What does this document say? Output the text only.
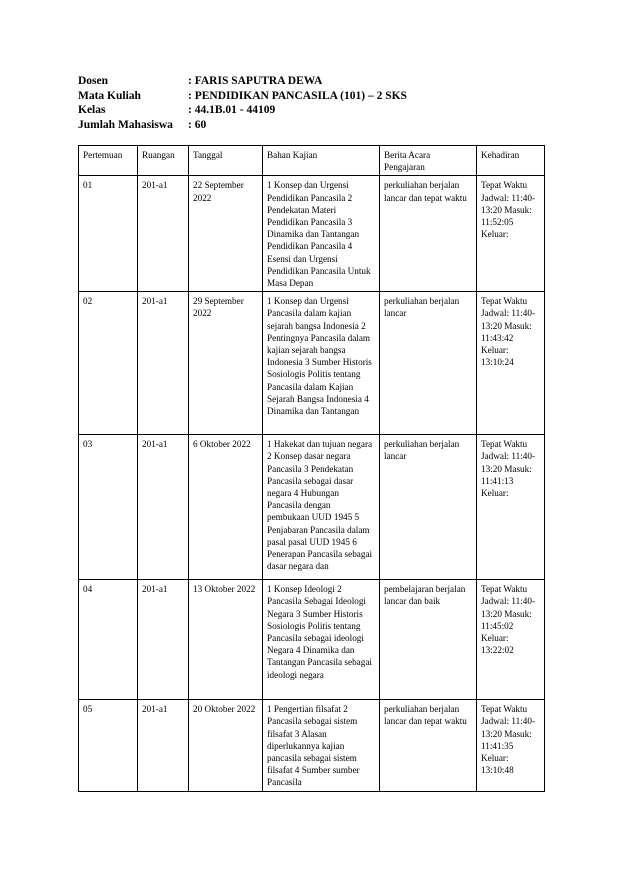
Dosen	: FARIS SAPUTRA DEWA
Mata Kuliah	: PENDIDIKAN PANCASILA (101) – 2 SKS
Kelas	: 44.1B.01 - 44109
Jumlah Mahasiswa	: 60
Pertemuan	Ruangan	Tanggal	Bahan Kajian	Berita Acara Pengajaran	Kehadiran
01	201-a1	22 September 2022	1 Konsep dan Urgensi Pendidikan Pancasila 2 Pendekatan Materi Pendidikan Pancasila 3 Dinamika dan Tantangan Pendidikan Pancasila 4 Esensi dan Urgensi Pendidikan Pancasila Untuk Masa Depan	perkuliahan berjalan lancar dan tepat waktu	Tepat Waktu Jadwal: 11:40-13:20 Masuk: 11:52:05 Keluar:
02	201-a1	29 September 2022	1 Konsep dan Urgensi Pancasila dalam kajian sejarah bangsa Indonesia 2 Pentingnya Pancasila dalam kajian sejarah bangsa Indonesia 3 Sumber Historis Sosiologis Politis tentang Pancasila dalam Kajian Sejarah Bangsa Indonesia 4 Dinamika dan Tantangan	perkuliahan berjalan lancar	Tepat Waktu Jadwal: 11:40-13:20 Masuk: 11:43:42 Keluar: 13:10:24
03	201-a1	6 Oktober 2022	1 Hakekat dan tujuan negara 2 Konsep dasar negara Pancasila 3 Pendekatan Pancasila sebagai dasar negara 4 Hubungan Pancasila dengan pembukaan UUD 1945 5 Penjabaran Pancasila dalam pasal pasal UUD 1945 6 Penerapan Pancasila sebagai dasar negara dan	perkuliahan berjalan lancar	Tepat Waktu Jadwal: 11:40-13:20 Masuk: 11:41:13 Keluar:
04	201-a1	13 Oktober 2022	1 Konsep Ideologi 2 Pancasila Sebagai Ideologi Negara 3 Sumber Historis Sosiologis Politis tentang Pancasila sebagai ideologi Negara 4 Dinamika dan Tantangan Pancasila sebagai ideologi negara	pembelajaran berjalan lancar dan baik	Tepat Waktu Jadwal: 11:40-13:20 Masuk: 11:45:02 Keluar: 13:22:02
05	201-a1	20 Oktober 2022	1 Pengertian filsafat 2 Pancasila sebagai sistem filsafat 3 Alasan diperlukannya kajian pancasila sebagai sistem filsafat 4 Sumber sumber Pancasila	perkuliahan berjalan lancar dan tepat waktu	Tepat Waktu Jadwal: 11:40-13:20 Masuk: 11:41:35 Keluar: 13:10:48
